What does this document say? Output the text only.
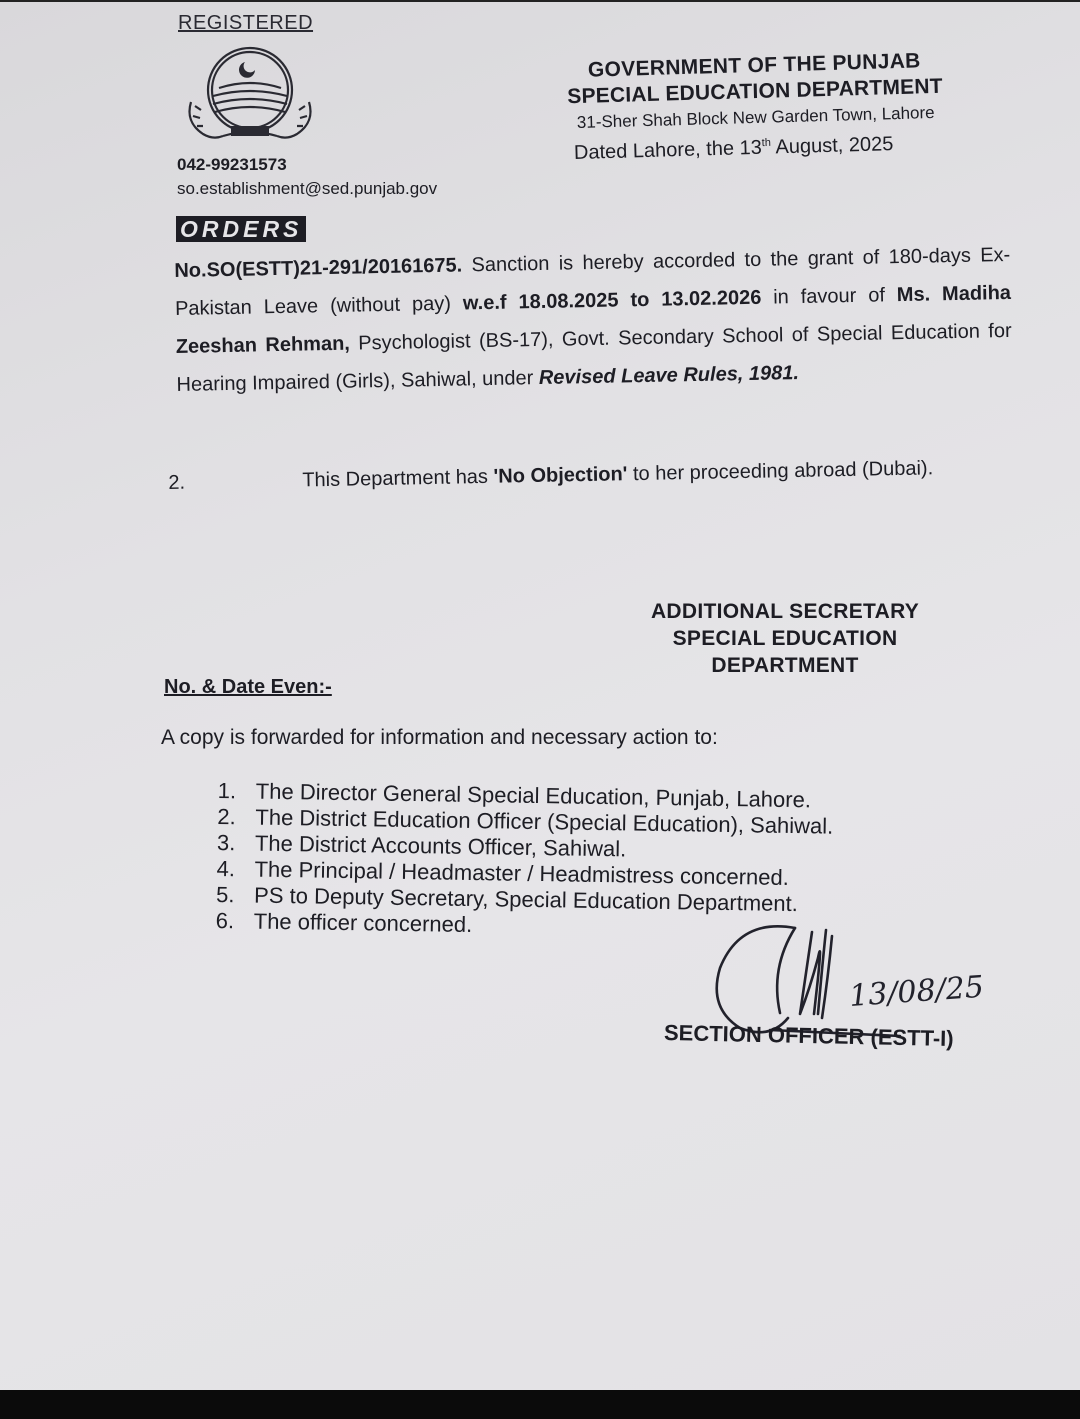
REGISTERED
GOVERNMENT OF THE PUNJAB
SPECIAL EDUCATION DEPARTMENT
31-Sher Shah Block New Garden Town, Lahore
042-99231573
so.establishment@sed.punjab.gov
Dated Lahore, the 13th August, 2025
ORDERS
No.SO(ESTT)21-291/20161675. Sanction is hereby accorded to the grant of 180-days Ex-Pakistan Leave (without pay) w.e.f 18.08.2025 to 13.02.2026 in favour of Ms. Madiha Zeeshan Rehman, Psychologist (BS-17), Govt. Secondary School of Special Education for Hearing Impaired (Girls), Sahiwal, under Revised Leave Rules, 1981.
2.	This Department has 'No Objection' to her proceeding abroad (Dubai).
ADDITIONAL SECRETARY
SPECIAL EDUCATION
DEPARTMENT
No. & Date Even:-
A copy is forwarded for information and necessary action to:
1. The Director General Special Education, Punjab, Lahore.
2. The District Education Officer (Special Education), Sahiwal.
3. The District Accounts Officer, Sahiwal.
4. The Principal / Headmaster / Headmistress concerned.
5. PS to Deputy Secretary, Special Education Department.
6. The officer concerned.
13/08/25
SECTION OFFICER (ESTT-I)
